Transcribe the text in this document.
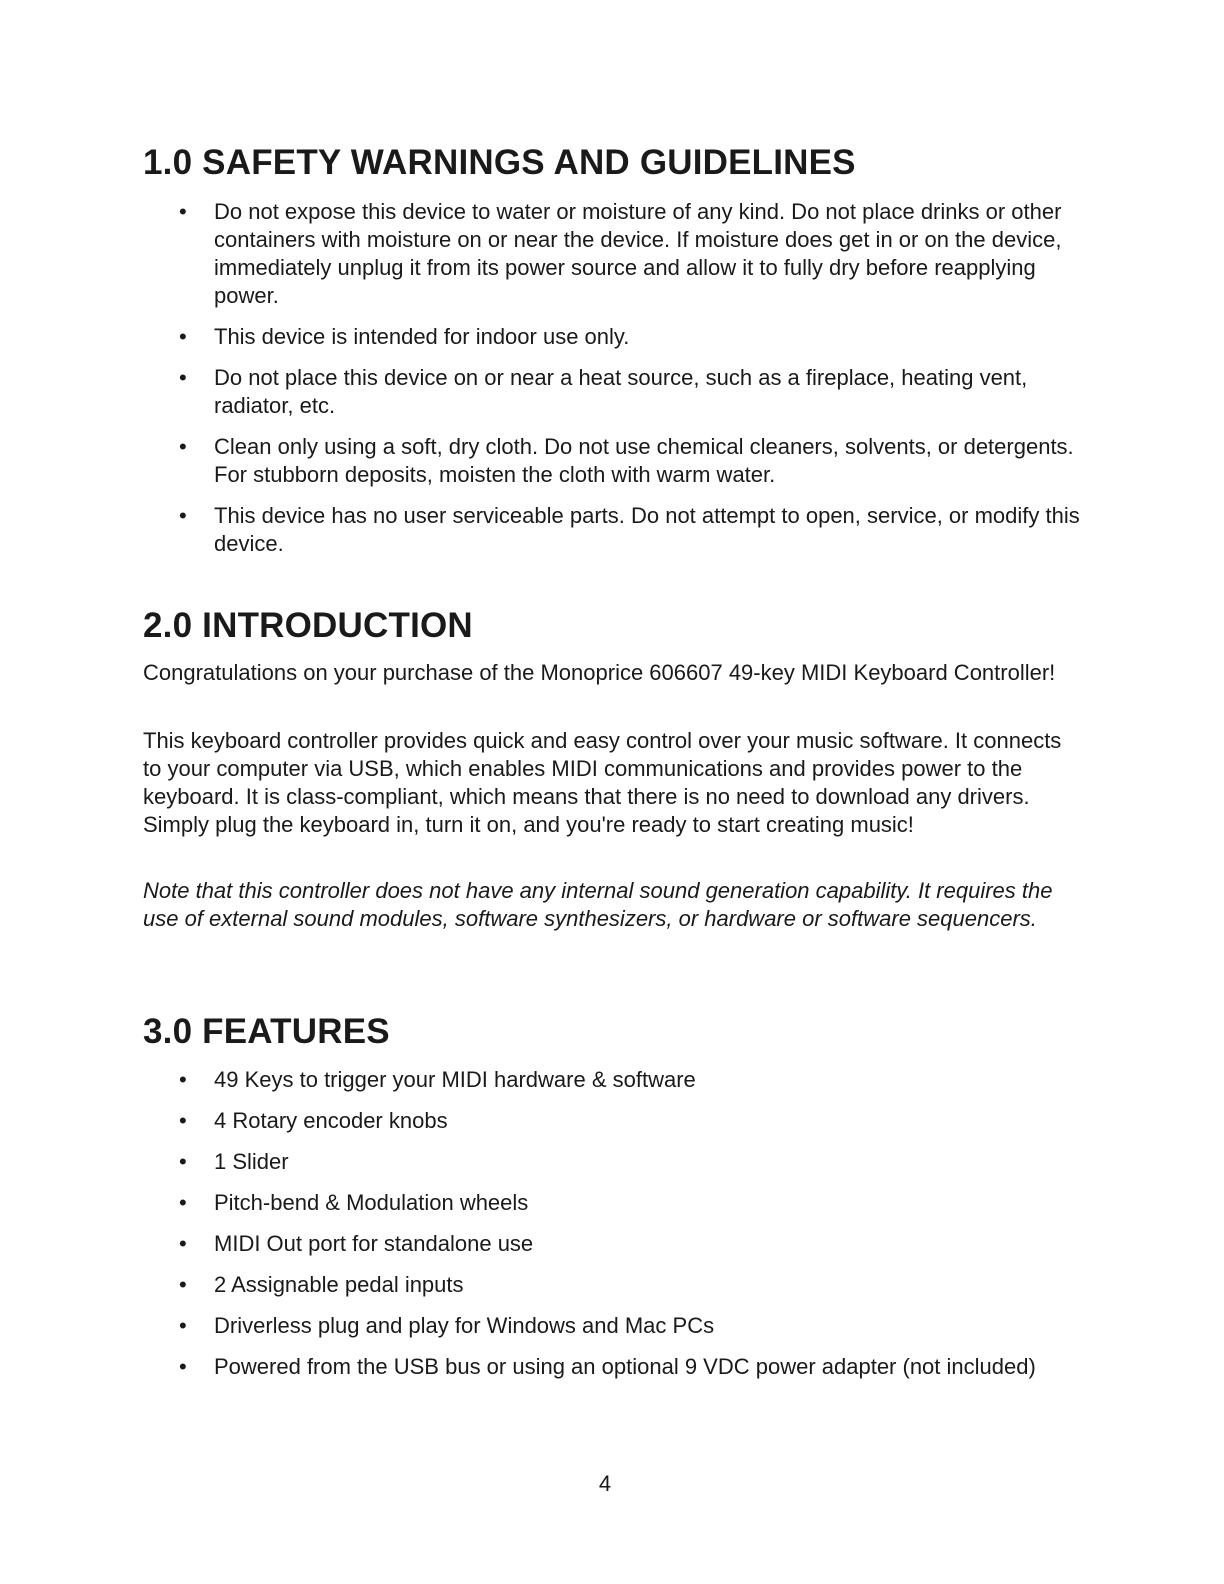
1.0 SAFETY WARNINGS AND GUIDELINES
• Do not expose this device to water or moisture of any kind. Do not place drinks or other containers with moisture on or near the device. If moisture does get in or on the device, immediately unplug it from its power source and allow it to fully dry before reapplying power.
• This device is intended for indoor use only.
• Do not place this device on or near a heat source, such as a fireplace, heating vent, radiator, etc.
• Clean only using a soft, dry cloth. Do not use chemical cleaners, solvents, or detergents. For stubborn deposits, moisten the cloth with warm water.
• This device has no user serviceable parts. Do not attempt to open, service, or modify this device.
2.0 INTRODUCTION

Congratulations on your purchase of the Monoprice 606607 49-key MIDI Keyboard Controller!

This keyboard controller provides quick and easy control over your music software. It connects to your computer via USB, which enables MIDI communications and provides power to the keyboard. It is class-compliant, which means that there is no need to download any drivers. Simply plug the keyboard in, turn it on, and you're ready to start creating music!

Note that this controller does not have any internal sound generation capability. It requires the use of external sound modules, software synthesizers, or hardware or software sequencers.

3.0 FEATURES
• 49 Keys to trigger your MIDI hardware & software
• 4 Rotary encoder knobs
• 1 Slider
• Pitch-bend & Modulation wheels
• MIDI Out port for standalone use
• 2 Assignable pedal inputs
• Driverless plug and play for Windows and Mac PCs
• Powered from the USB bus or using an optional 9 VDC power adapter (not included)
4
